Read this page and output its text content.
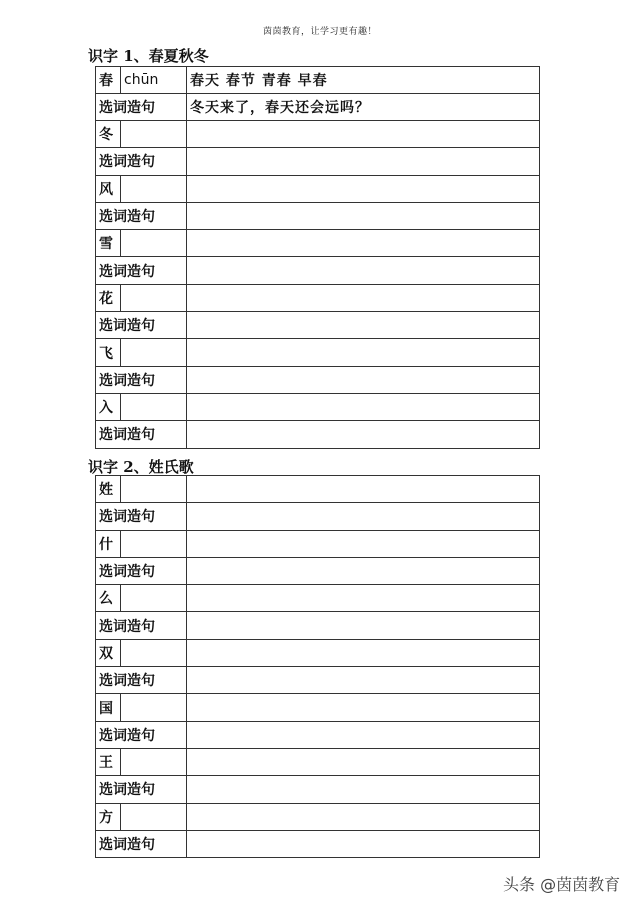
茵茵教育，让学习更有趣！
识字 1、春夏秋冬
春	chūn	春天 春节 青春 早春
选词造句		冬天来了，春天还会远吗？
冬		
选词造句		
风		
选词造句		
雪		
选词造句		
花		
选词造句		
飞		
选词造句		
入		
选词造句		
识字 2、姓氏歌
姓		
选词造句		
什		
选词造句		
么		
选词造句		
双		
选词造句		
国		
选词造句		
王		
选词造句		
方		
选词造句		
头条 @茵茵教育
